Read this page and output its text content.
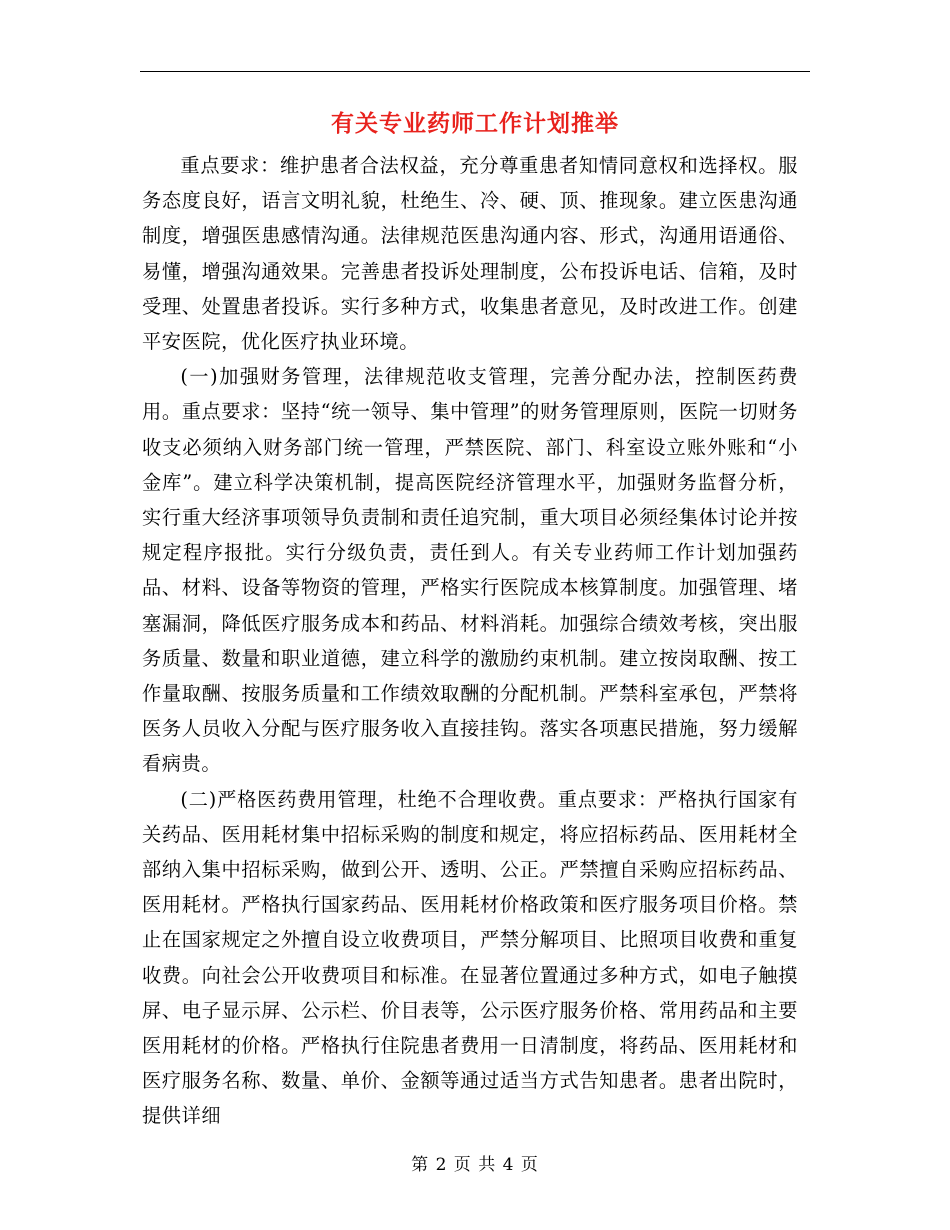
有关专业药师工作计划推举

重点要求：维护患者合法权益，充分尊重患者知情同意权和选择权。服务态度良好，语言文明礼貌，杜绝生、冷、硬、顶、推现象。建立医患沟通制度，增强医患感情沟通。法律规范医患沟通内容、形式，沟通用语通俗、易懂，增强沟通效果。完善患者投诉处理制度，公布投诉电话、信箱，及时受理、处置患者投诉。实行多种方式，收集患者意见，及时改进工作。创建平安医院，优化医疗执业环境。

(一)加强财务管理，法律规范收支管理，完善分配办法，控制医药费用。重点要求：坚持“统一领导、集中管理”的财务管理原则，医院一切财务收支必须纳入财务部门统一管理，严禁医院、部门、科室设立账外账和“小金库”。建立科学决策机制，提高医院经济管理水平，加强财务监督分析，实行重大经济事项领导负责制和责任追究制，重大项目必须经集体讨论并按规定程序报批。实行分级负责，责任到人。有关专业药师工作计划加强药品、材料、设备等物资的管理，严格实行医院成本核算制度。加强管理、堵塞漏洞，降低医疗服务成本和药品、材料消耗。加强综合绩效考核，突出服务质量、数量和职业道德，建立科学的激励约束机制。建立按岗取酬、按工作量取酬、按服务质量和工作绩效取酬的分配机制。严禁科室承包，严禁将医务人员收入分配与医疗服务收入直接挂钩。落实各项惠民措施，努力缓解看病贵。

(二)严格医药费用管理，杜绝不合理收费。重点要求：严格执行国家有关药品、医用耗材集中招标采购的制度和规定，将应招标药品、医用耗材全部纳入集中招标采购，做到公开、透明、公正。严禁擅自采购应招标药品、医用耗材。严格执行国家药品、医用耗材价格政策和医疗服务项目价格。禁止在国家规定之外擅自设立收费项目，严禁分解项目、比照项目收费和重复收费。向社会公开收费项目和标准。在显著位置通过多种方式，如电子触摸屏、电子显示屏、公示栏、价目表等，公示医疗服务价格、常用药品和主要医用耗材的价格。严格执行住院患者费用一日清制度，将药品、医用耗材和医疗服务名称、数量、单价、金额等通过适当方式告知患者。患者出院时，提供详细

第 2 页 共 4 页
